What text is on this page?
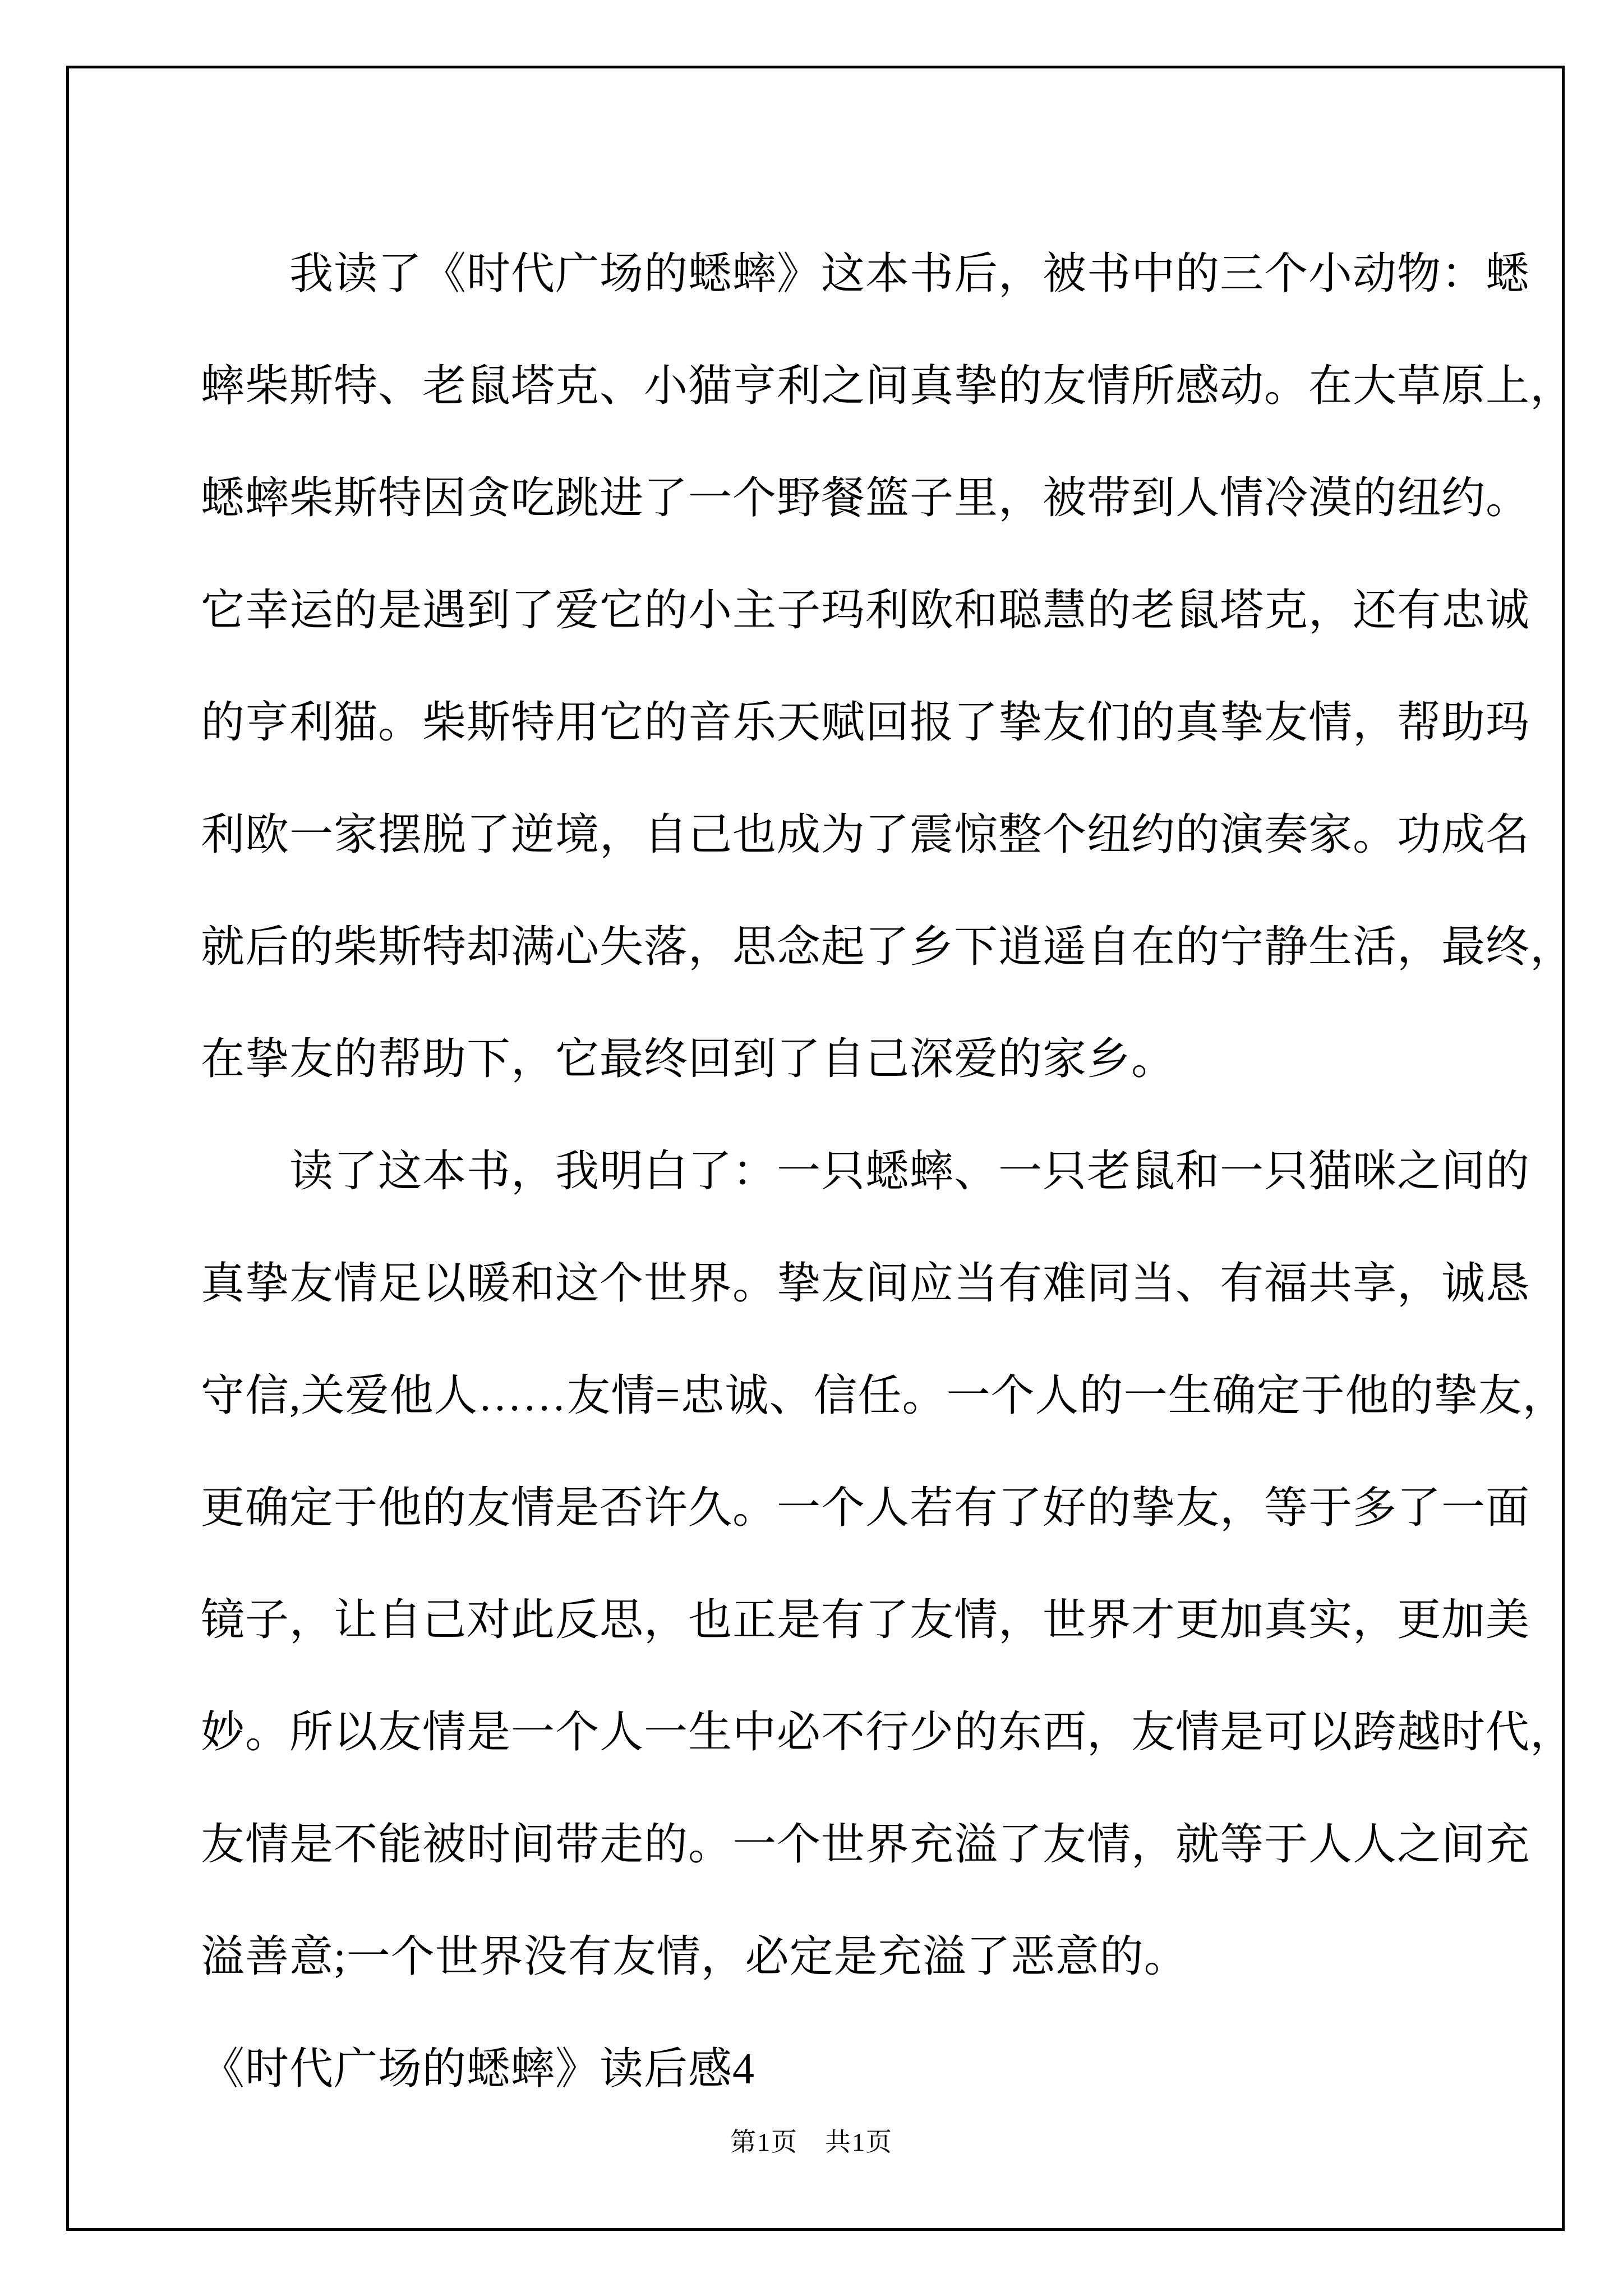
我读了《时代广场的蟋蟀》这本书后，被书中的三个小动物：蟋
蟀柴斯特、老鼠塔克、小猫亨利之间真挚的友情所感动。在大草原上，
蟋蟀柴斯特因贪吃跳进了一个野餐篮子里，被带到人情冷漠的纽约。
它幸运的是遇到了爱它的小主子玛利欧和聪慧的老鼠塔克，还有忠诚
的亨利猫。柴斯特用它的音乐天赋回报了挚友们的真挚友情，帮助玛
利欧一家摆脱了逆境，自己也成为了震惊整个纽约的演奏家。功成名
就后的柴斯特却满心失落，思念起了乡下逍遥自在的宁静生活，最终，
在挚友的帮助下，它最终回到了自己深爱的家乡。
读了这本书，我明白了：一只蟋蟀、一只老鼠和一只猫咪之间的
真挚友情足以暖和这个世界。挚友间应当有难同当、有福共享，诚恳
守信,关爱他人……友情=忠诚、信任。一个人的一生确定于他的挚友，
更确定于他的友情是否许久。一个人若有了好的挚友，等于多了一面
镜子，让自己对此反思，也正是有了友情，世界才更加真实，更加美
妙。所以友情是一个人一生中必不行少的东西，友情是可以跨越时代，
友情是不能被时间带走的。一个世界充溢了友情，就等于人人之间充
溢善意;一个世界没有友情，必定是充溢了恶意的。
《时代广场的蟋蟀》读后感4
第1页　共1页
